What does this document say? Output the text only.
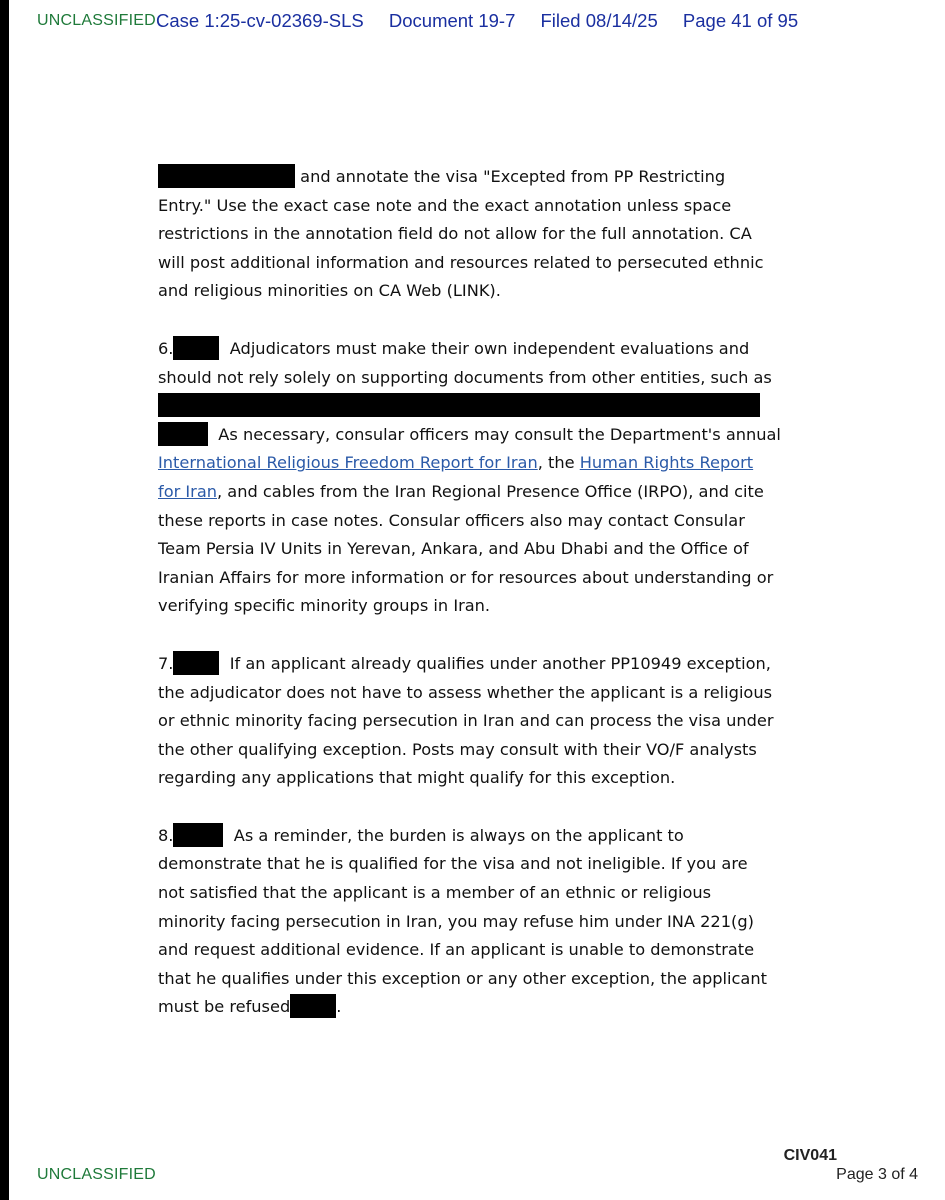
UNCLASSIFIED Case 1:25-cv-02369-SLS Document 19-7 Filed 08/14/25 Page 41 of 95
and annotate the visa "Excepted from PP Restricting
Entry." Use the exact case note and the exact annotation unless space
restrictions in the annotation field do not allow for the full annotation. CA
will post additional information and resources related to persecuted ethnic
and religious minorities on CA Web (LINK).
6.	Adjudicators must make their own independent evaluations and
should not rely solely on supporting documents from other entities, such as
As necessary, consular officers may consult the Department's annual
International Religious Freedom Report for Iran, the Human Rights Report
for Iran, and cables from the Iran Regional Presence Office (IRPO), and cite
these reports in case notes. Consular officers also may contact Consular
Team Persia IV Units in Yerevan, Ankara, and Abu Dhabi and the Office of
Iranian Affairs for more information or for resources about understanding or
verifying specific minority groups in Iran.
7.	If an applicant already qualifies under another PP10949 exception,
the adjudicator does not have to assess whether the applicant is a religious
or ethnic minority facing persecution in Iran and can process the visa under
the other qualifying exception. Posts may consult with their VO/F analysts
regarding any applications that might qualify for this exception.
8.	As a reminder, the burden is always on the applicant to
demonstrate that he is qualified for the visa and not ineligible. If you are
not satisfied that the applicant is a member of an ethnic or religious
minority facing persecution in Iran, you may refuse him under INA 221(g)
and request additional evidence. If an applicant is unable to demonstrate
that he qualifies under this exception or any other exception, the applicant
must be refused	.
CIV041
UNCLASSIFIED	Page 3 of 4
